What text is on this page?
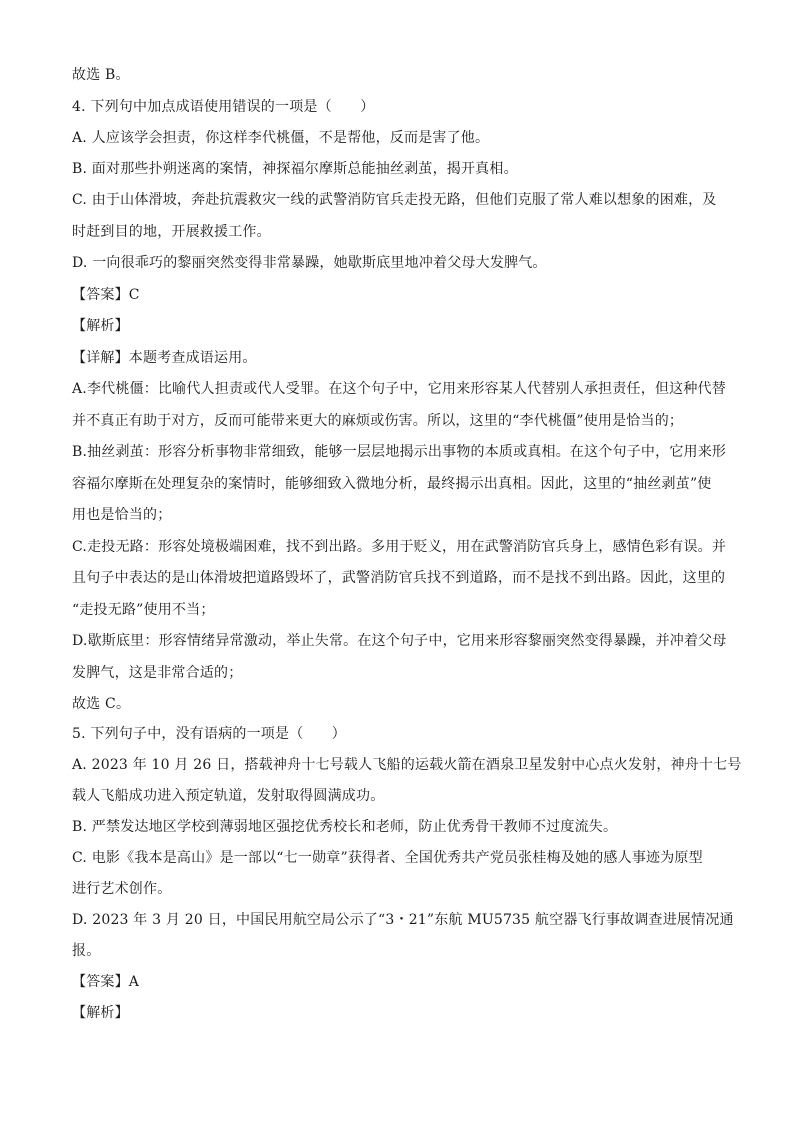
故选 B。
4. 下列句中加点成语使用错误的一项是（　　）
A. 人应该学会担责，你这样李代桃僵，不是帮他，反而是害了他。
B. 面对那些扑朔迷离的案情，神探福尔摩斯总能抽丝剥茧，揭开真相。
C. 由于山体滑坡，奔赴抗震救灾一线的武警消防官兵走投无路，但他们克服了常人难以想象的困难，及
时赶到目的地，开展救援工作。
D. 一向很乖巧的黎丽突然变得非常暴躁，她歇斯底里地冲着父母大发脾气。
【答案】C
【解析】
【详解】本题考查成语运用。
A.李代桃僵：比喻代人担责或代人受罪。在这个句子中，它用来形容某人代替别人承担责任，但这种代替
并不真正有助于对方，反而可能带来更大的麻烦或伤害。所以，这里的“李代桃僵”使用是恰当的；
B.抽丝剥茧：形容分析事物非常细致，能够一层层地揭示出事物的本质或真相。在这个句子中，它用来形
容福尔摩斯在处理复杂的案情时，能够细致入微地分析，最终揭示出真相。因此，这里的“抽丝剥茧”使
用也是恰当的；
C.走投无路：形容处境极端困难，找不到出路。多用于贬义，用在武警消防官兵身上，感情色彩有误。并
且句子中表达的是山体滑坡把道路毁坏了，武警消防官兵找不到道路，而不是找不到出路。因此，这里的
“走投无路”使用不当；
D.歇斯底里：形容情绪异常激动，举止失常。在这个句子中，它用来形容黎丽突然变得暴躁，并冲着父母
发脾气，这是非常合适的；
故选 C。
5. 下列句子中，没有语病的一项是（　　）
A. 2023 年 10 月 26 日，搭载神舟十七号载人飞船的运载火箭在酒泉卫星发射中心点火发射，神舟十七号
载人飞船成功进入预定轨道，发射取得圆满成功。
B. 严禁发达地区学校到薄弱地区强挖优秀校长和老师，防止优秀骨干教师不过度流失。
C. 电影《我本是高山》是一部以“七一勋章”获得者、全国优秀共产党员张桂梅及她的感人事迹为原型
进行艺术创作。
D. 2023 年 3 月 20 日，中国民用航空局公示了“3・21”东航 MU5735 航空器飞行事故调查进展情况通
报。
【答案】A
【解析】
